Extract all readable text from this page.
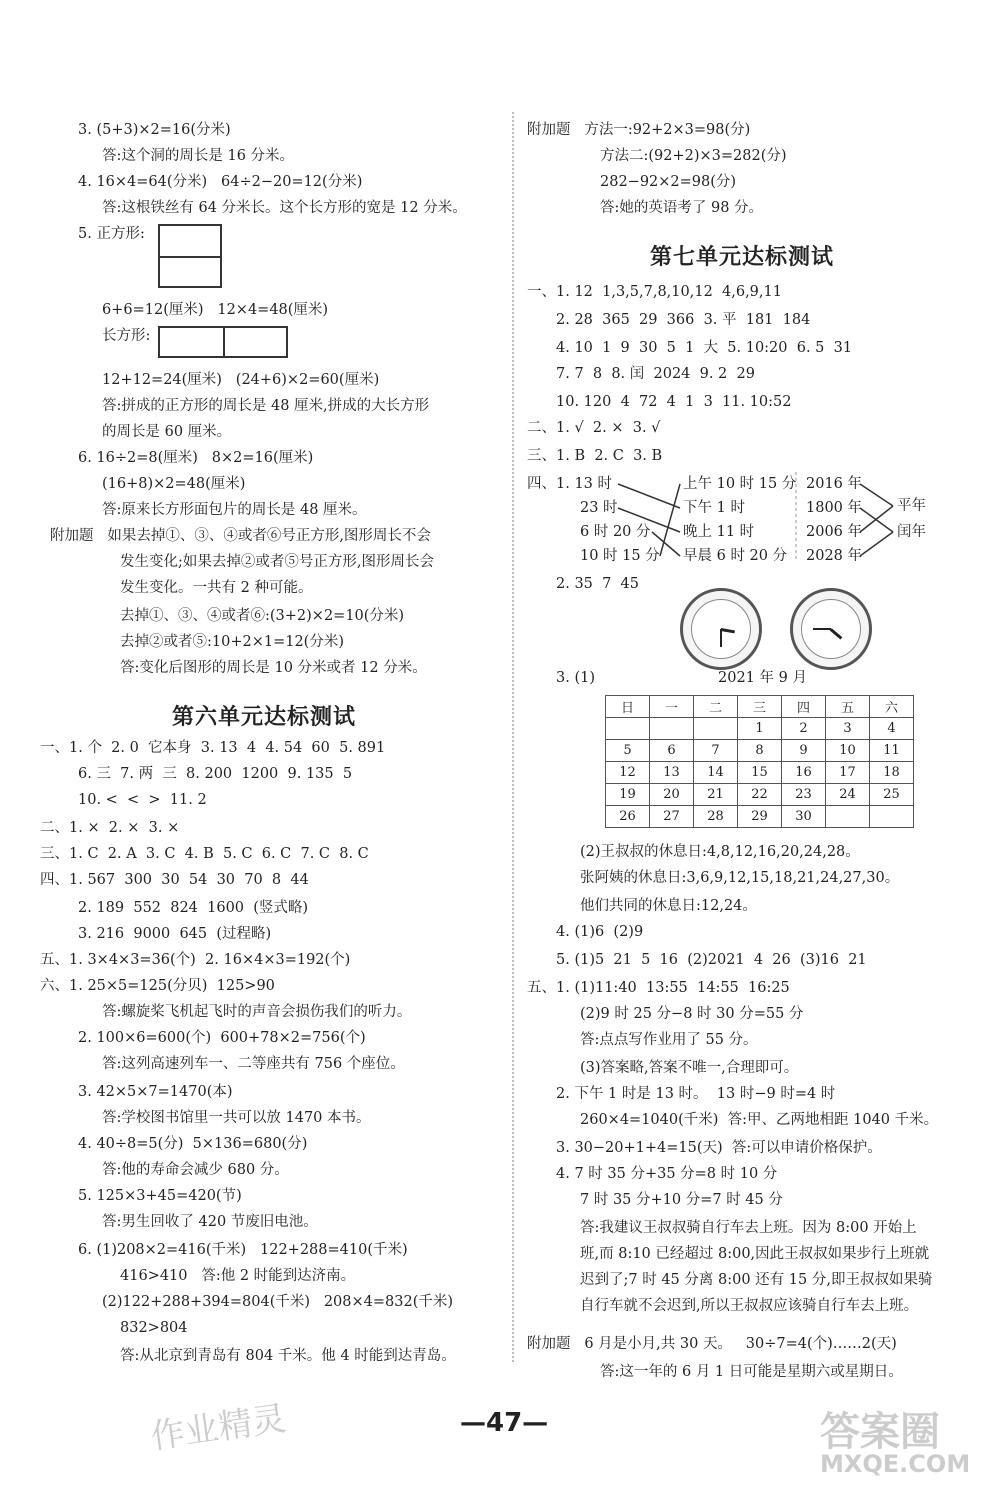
3. (5+3)×2=16(分米)
答:这个洞的周长是 16 分米。
4. 16×4=64(分米)   64÷2−20=12(分米)
答:这根铁丝有 64 分米长。这个长方形的宽是 12 分米。
5. 正方形:
6+6=12(厘米)   12×4=48(厘米)
长方形:
12+12=24(厘米)   (24+6)×2=60(厘米)
答:拼成的正方形的周长是 48 厘米,拼成的大长方形
的周长是 60 厘米。
6. 16÷2=8(厘米)   8×2=16(厘米)
(16+8)×2=48(厘米)
答:原来长方形面包片的周长是 48 厘米。
附加题   如果去掉①、③、④或者⑥号正方形,图形周长不会
发生变化;如果去掉②或者⑤号正方形,图形周长会
发生变化。一共有 2 种可能。
去掉①、③、④或者⑥:(3+2)×2=10(分米)
去掉②或者⑤:10+2×1=12(分米)
答:变化后图形的周长是 10 分米或者 12 分米。
一、1. 个  2. 0  它本身  3. 13  4  4. 54  60  5. 891
6. 三  7. 两  三  8. 200  1200  9. 135  5
10. <  <  >  11. 2
二、1. ×  2. ×  3. ×
三、1. C  2. A  3. C  4. B  5. C  6. C  7. C  8. C
四、1. 567  300  30  54  30  70  8  44
2. 189  552  824  1600  (竖式略)
3. 216  9000  645  (过程略)
五、1. 3×4×3=36(个)  2. 16×4×3=192(个)
六、1. 25×5=125(分贝)  125>90
答:螺旋桨飞机起飞时的声音会损伤我们的听力。
2. 100×6=600(个)  600+78×2=756(个)
答:这列高速列车一、二等座共有 756 个座位。
3. 42×5×7=1470(本)
答:学校图书馆里一共可以放 1470 本书。
4. 40÷8=5(分)  5×136=680(分)
答:他的寿命会减少 680 分。
5. 125×3+45=420(节)
答:男生回收了 420 节废旧电池。
6. (1)208×2=416(千米)   122+288=410(千米)
416>410   答:他 2 时能到达济南。
(2)122+288+394=804(千米)   208×4=832(千米)
832>804
答:从北京到青岛有 804 千米。他 4 时能到达青岛。
附加题   方法一:92+2×3=98(分)
方法二:(92+2)×3=282(分)
282−92×2=98(分)
答:她的英语考了 98 分。
一、1. 12  1,3,5,7,8,10,12  4,6,9,11
2. 28  365  29  366  3. 平  181  184
4. 10  1  9  30  5  1  大  5. 10:20  6. 5  31
7. 7  8  8. 闰  2024  9. 2  29
10. 120  4  72  4  1  3  11. 10:52
二、1. √  2. ×  3. √
三、1. B  2. C  3. B
四、1. 13 时
23 时
6 时 20 分
10 时 15 分
上午 10 时 15 分
下午 1 时
晚上 11 时
早晨 6 时 20 分
2016 年
1800 年
2006 年
2028 年
平年
闰年
2. 35  7  45
3. (1)	2021 年 9 月
(2)王叔叔的休息日:4,8,12,16,20,24,28。
张阿姨的休息日:3,6,9,12,15,18,21,24,27,30。
他们共同的休息日:12,24。
4. (1)6  (2)9
5. (1)5  21  5  16  (2)2021  4  26  (3)16  21
五、1. (1)11:40  13:55  14:55  16:25
(2)9 时 25 分−8 时 30 分=55 分
答:点点写作业用了 55 分。
(3)答案略,答案不唯一,合理即可。
2. 下午 1 时是 13 时。  13 时−9 时=4 时
260×4=1040(千米)  答:甲、乙两地相距 1040 千米。
3. 30−20+1+4=15(天)  答:可以申请价格保护。
4. 7 时 35 分+35 分=8 时 10 分
7 时 35 分+10 分=7 时 45 分
答:我建议王叔叔骑自行车去上班。因为 8:00 开始上
班,而 8:10 已经超过 8:00,因此王叔叔如果步行上班就
迟到了;7 时 45 分离 8:00 还有 15 分,即王叔叔如果骑
自行车就不会迟到,所以王叔叔应该骑自行车去上班。
附加题   6 月是小月,共 30 天。   30÷7=4(个)……2(天)
答:这一年的 6 月 1 日可能是星期六或星期日。
第六单元达标测试
第七单元达标测试
日	一	二	三	四	五	六
			1	2	3	4
5	6	7	8	9	10	11
12	13	14	15	16	17	18
19	20	21	22	23	24	25
26	27	28	29	30		
—47—
作业精灵	答案圈
MXQE.COM
